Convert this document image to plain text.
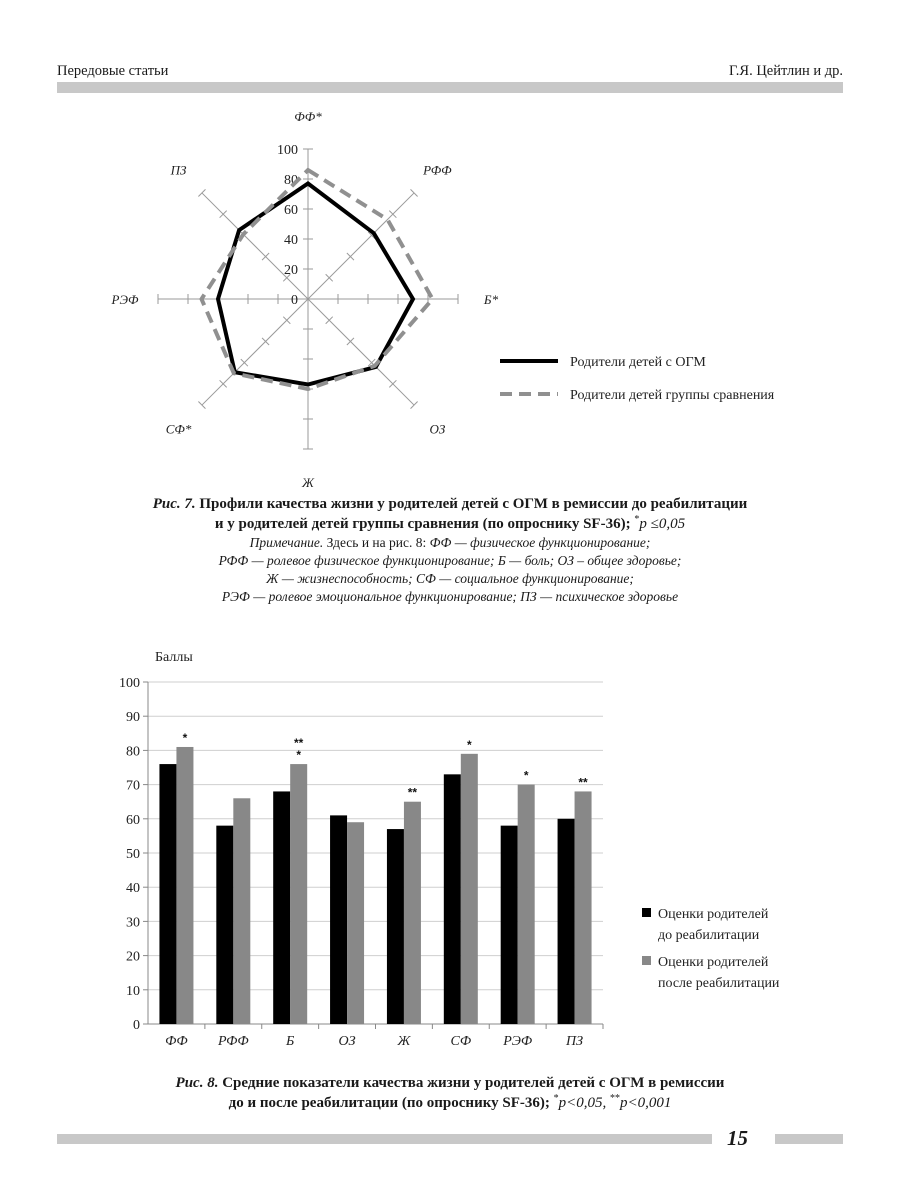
Передовые статьи	Г.Я. Цейтлин и др.
0
20
40
60
80
100
ФФ*
РФФ
Б*
ОЗ
Ж
СФ*
РЭФ
ПЗ
Родители детей с ОГМ
Родители детей группы сравнения
Рис. 7. Профили качества жизни у родителей детей с ОГМ в ремиссии до реабилитации
и у родителей детей группы сравнения (по опроснику SF-36); *p ≤0,05
Примечание. Здесь и на рис. 8: ФФ — физическое функционирование;
РФФ — ролевое физическое функционирование; Б — боль; ОЗ – общее здоровье;
Ж — жизнеспособность; СФ — социальное функционирование;
РЭФ — ролевое эмоциональное функционирование; ПЗ — психическое здоровье
Баллы
0
10
20
30
40
50
60
70
80
90
100
ФФ РФФ	Б	ОЗ	Ж	СФ РЭФ ПЗ
*	**
*
**
*
*	**
Оценки родителей
до реабилитации
Оценки родителей
после реабилитации
Рис. 8. Средние показатели качества жизни у родителей детей с ОГМ в ремиссии
до и после реабилитации (по опроснику SF-36); *p<0,05, **p<0,001
15
